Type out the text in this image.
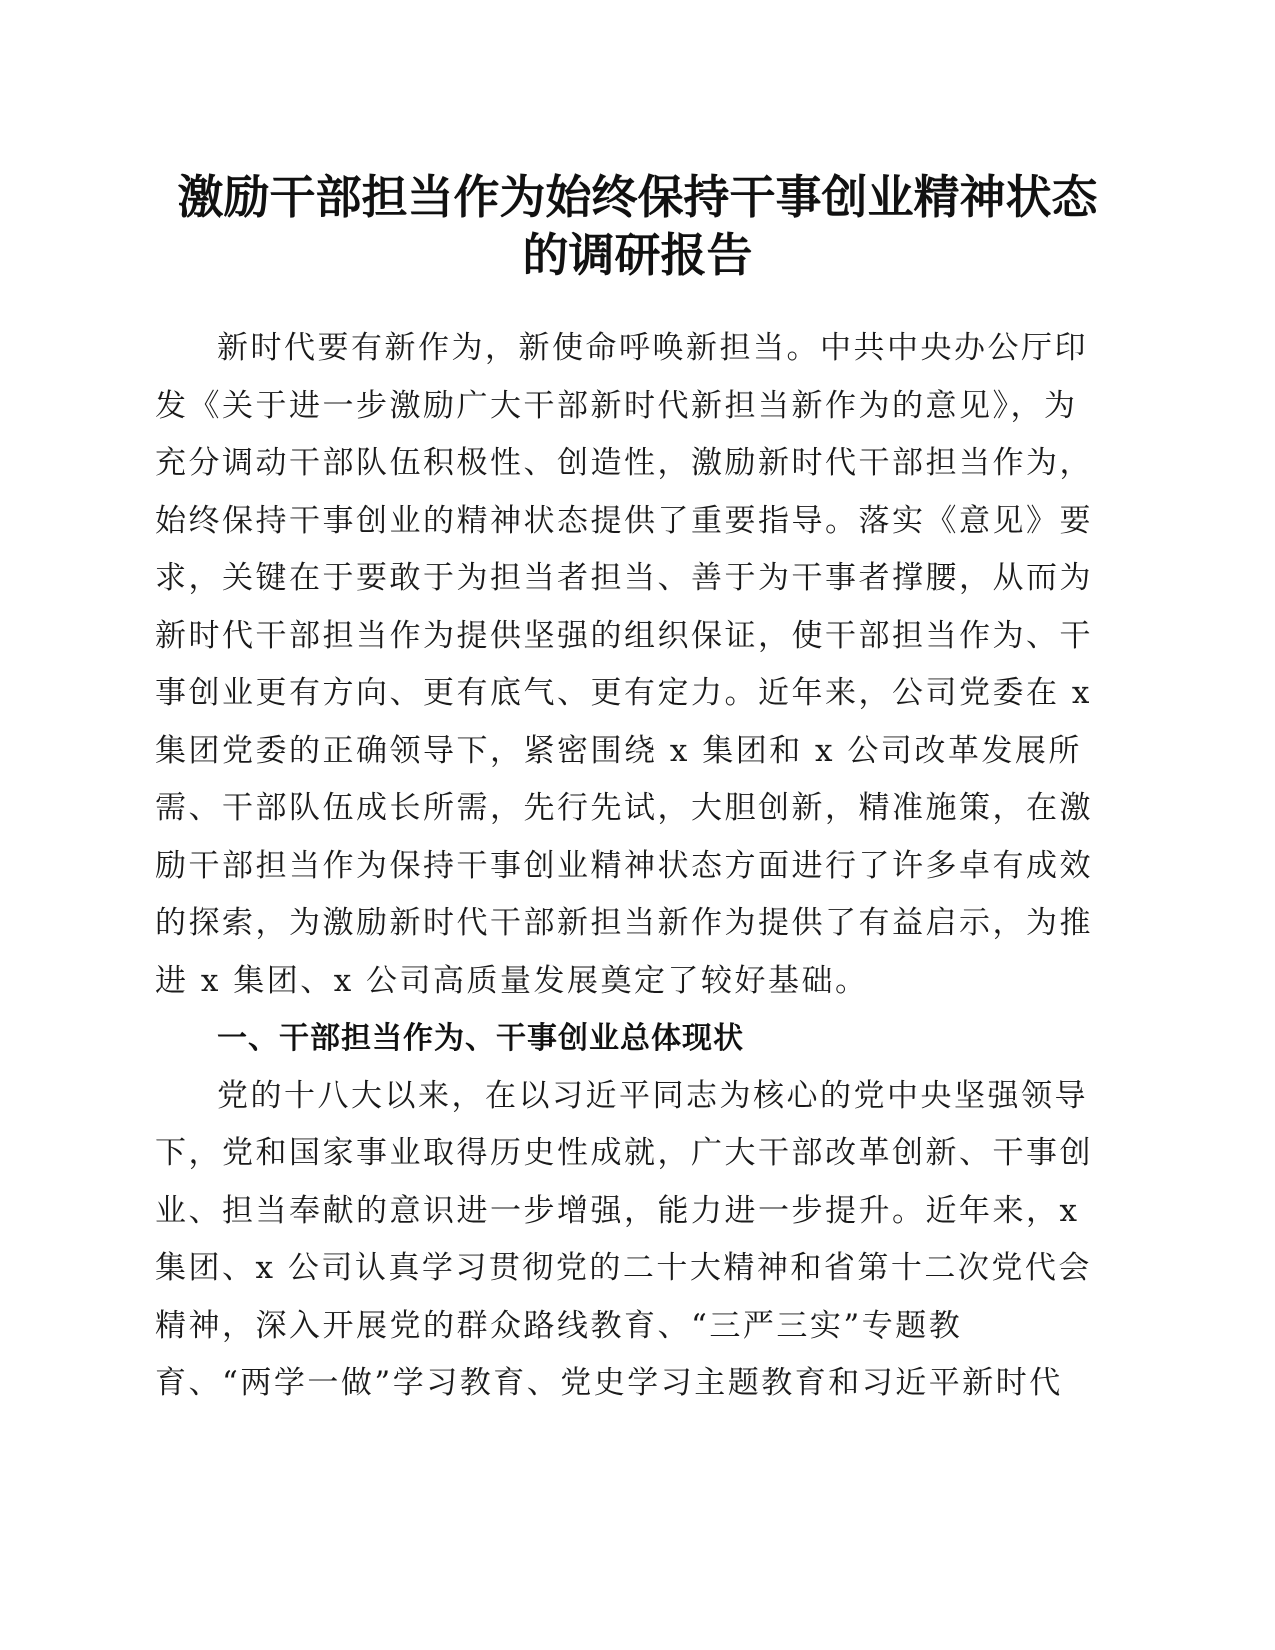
激励干部担当作为始终保持干事创业精神状态
的调研报告
新时代要有新作为，新使命呼唤新担当。中共中央办公厅印
发《关于进一步激励广大干部新时代新担当新作为的意见》，为
充分调动干部队伍积极性、创造性，激励新时代干部担当作为，
始终保持干事创业的精神状态提供了重要指导。落实《意见》要
求，关键在于要敢于为担当者担当、善于为干事者撑腰，从而为
新时代干部担当作为提供坚强的组织保证，使干部担当作为、干
事创业更有方向、更有底气、更有定力。近年来，公司党委在 x
集团党委的正确领导下，紧密围绕 x 集团和 x 公司改革发展所
需、干部队伍成长所需，先行先试，大胆创新，精准施策，在激
励干部担当作为保持干事创业精神状态方面进行了许多卓有成效
的探索，为激励新时代干部新担当新作为提供了有益启示，为推
进 x 集团、x 公司高质量发展奠定了较好基础。
一、干部担当作为、干事创业总体现状
党的十八大以来，在以习近平同志为核心的党中央坚强领导
下，党和国家事业取得历史性成就，广大干部改革创新、干事创
业、担当奉献的意识进一步增强，能力进一步提升。近年来，x
集团、x 公司认真学习贯彻党的二十大精神和省第十二次党代会
精神，深入开展党的群众路线教育、“三严三实”专题教
育、“两学一做”学习教育、党史学习主题教育和习近平新时代
